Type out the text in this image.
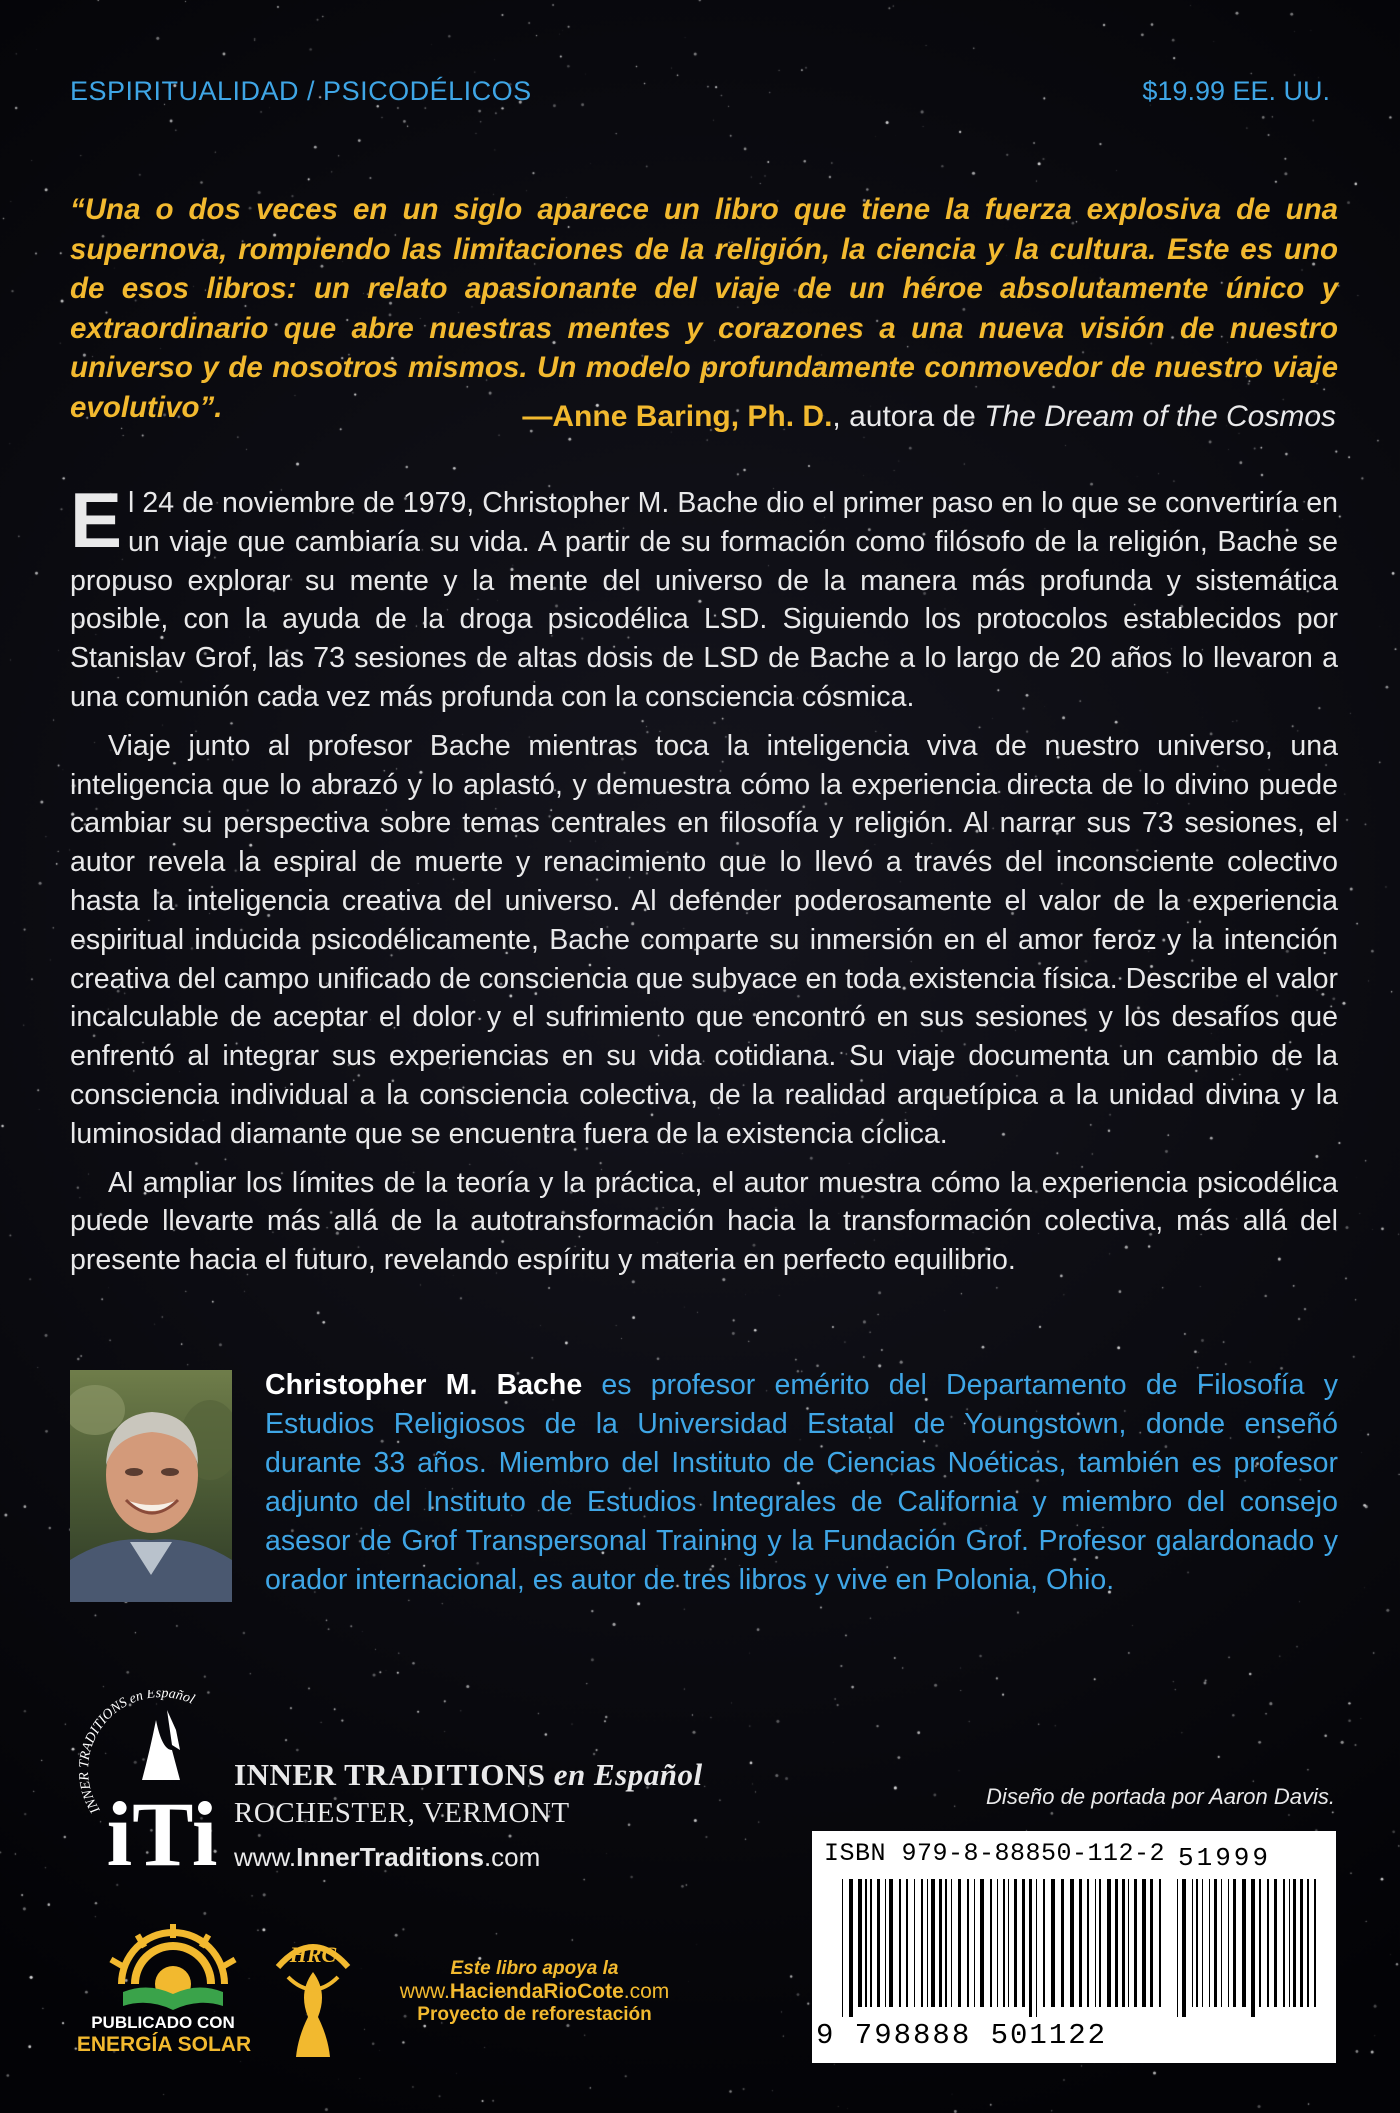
ESPIRITUALIDAD / PSICODÉLICOS	$19.99 EE. UU.
“Una o dos veces en un siglo aparece un libro que tiene la fuerza explosiva de una supernova, rompiendo las limitaciones de la religión, la ciencia y la cultura. Este es uno de esos libros: un relato apasionante del viaje de un héroe absolutamente único y extraordinario que abre nuestras mentes y corazones a una nueva visión de nuestro universo y de nosotros mismos. Un modelo profundamente conmovedor de nuestro viaje evolutivo”.	—Anne Baring, Ph. D., autora de The Dream of the Cosmos

El 24 de noviembre de 1979, Christopher M. Bache dio el primer paso en lo que se convertiría en un viaje que cambiaría su vida. A partir de su formación como filósofo de la religión, Bache se propuso explorar su mente y la mente del universo de la manera más profunda y sistemática posible, con la ayuda de la droga psicodélica LSD. Siguiendo los protocolos establecidos por Stanislav Grof, las 73 sesiones de altas dosis de LSD de Bache a lo largo de 20 años lo llevaron a una comunión cada vez más profunda con la consciencia cósmica.

Viaje junto al profesor Bache mientras toca la inteligencia viva de nuestro universo, una inteligencia que lo abrazó y lo aplastó, y demuestra cómo la experiencia directa de lo divino puede cambiar su perspectiva sobre temas centrales en filosofía y religión. Al narrar sus 73 sesiones, el autor revela la espiral de muerte y renacimiento que lo llevó a través del inconsciente colectivo hasta la inteligencia creativa del universo. Al defender poderosamente el valor de la experiencia espiritual inducida psicodélicamente, Bache comparte su inmersión en el amor feroz y la intención creativa del campo unificado de consciencia que subyace en toda existencia física. Describe el valor incalculable de aceptar el dolor y el sufrimiento que encontró en sus sesiones y los desafíos que enfrentó al integrar sus experiencias en su vida cotidiana. Su viaje documenta un cambio de la consciencia individual a la consciencia colectiva, de la realidad arquetípica a la unidad divina y la luminosidad diamante que se encuentra fuera de la existencia cíclica.

Al ampliar los límites de la teoría y la práctica, el autor muestra cómo la experiencia psicodélica puede llevarte más allá de la autotransformación hacia la transformación colectiva, más allá del presente hacia el futuro, revelando espíritu y materia en perfecto equilibrio.

Christopher M. Bache es profesor emérito del Departamento de Filosofía y Estudios Religiosos de la Universidad Estatal de Youngstown, donde enseñó durante 33 años. Miembro del Instituto de Ciencias Noéticas, también es profesor adjunto del Instituto de Estudios Integrales de California y miembro del consejo asesor de Grof Transpersonal Training y la Fundación Grof. Profesor galardonado y orador internacional, es autor de tres libros y vive en Polonia, Ohio.
INNER TRADITIONS en Español
iTi
INNER TRADITIONS en Español
ROCHESTER, VERMONT
www.InnerTraditions.com
Diseño de portada por Aaron Davis.
ISBN 979-8-88850-112-2 51999
9 798888 501122
PUBLICADO CON
ENERGÍA SOLAR
HRC
Este libro apoya la
www.HaciendaRioCote.com
Proyecto de reforestación
